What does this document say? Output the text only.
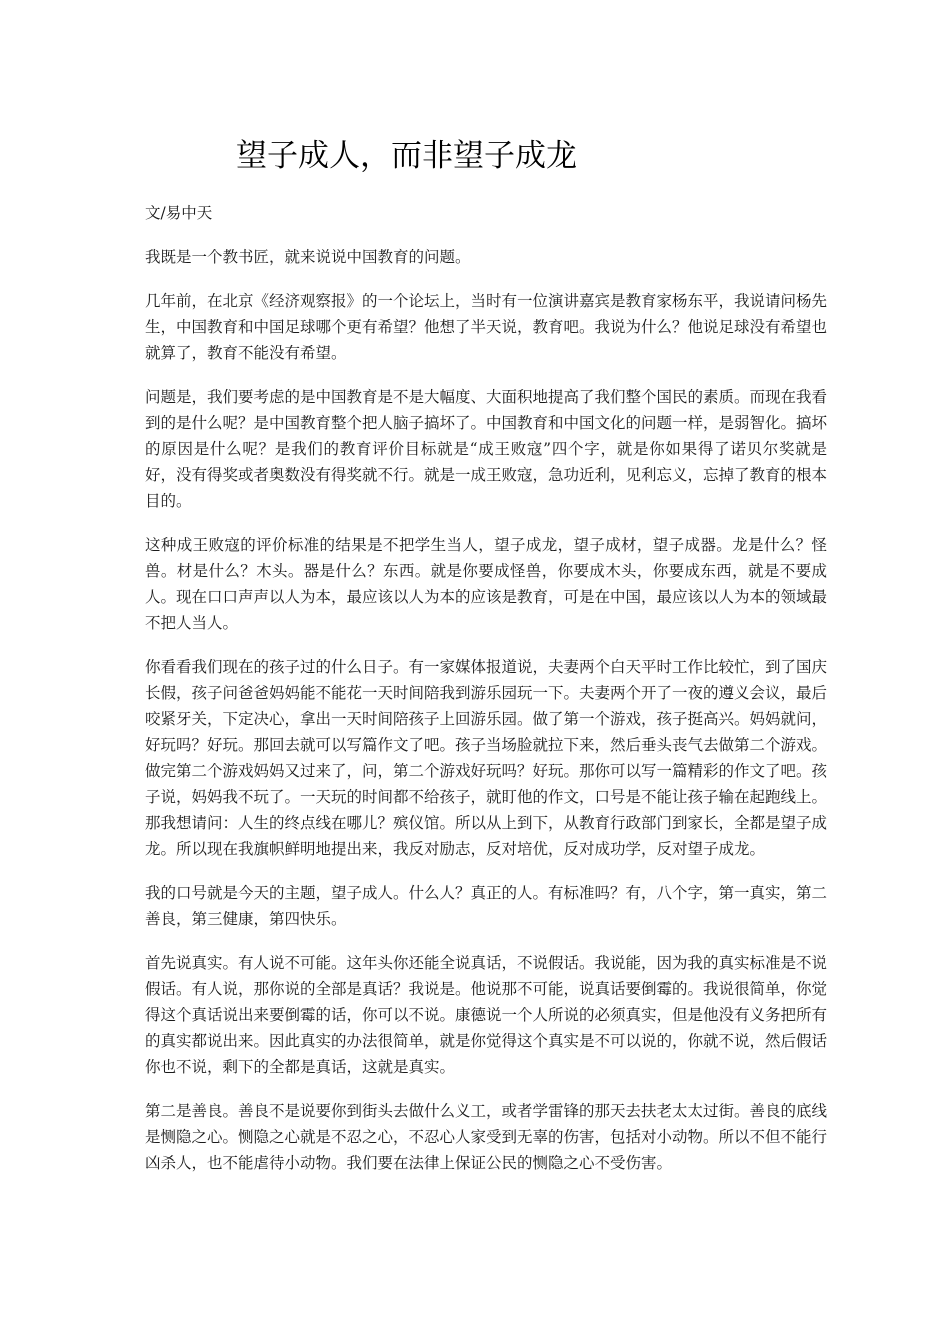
望子成人，而非望子成龙

文/易中天

我既是一个教书匠，就来说说中国教育的问题。

几年前，在北京《经济观察报》的一个论坛上，当时有一位演讲嘉宾是教育家杨东平，我说请问杨先生，中国教育和中国足球哪个更有希望？他想了半天说，教育吧。我说为什么？他说足球没有希望也就算了，教育不能没有希望。

问题是，我们要考虑的是中国教育是不是大幅度、大面积地提高了我们整个国民的素质。而现在我看到的是什么呢？是中国教育整个把人脑子搞坏了。中国教育和中国文化的问题一样，是弱智化。搞坏的原因是什么呢？是我们的教育评价目标就是“成王败寇”四个字，就是你如果得了诺贝尔奖就是好，没有得奖或者奥数没有得奖就不行。就是一成王败寇，急功近利，见利忘义，忘掉了教育的根本目的。

这种成王败寇的评价标准的结果是不把学生当人，望子成龙，望子成材，望子成器。龙是什么？怪兽。材是什么？木头。器是什么？东西。就是你要成怪兽，你要成木头，你要成东西，就是不要成人。现在口口声声以人为本，最应该以人为本的应该是教育，可是在中国，最应该以人为本的领域最不把人当人。

你看看我们现在的孩子过的什么日子。有一家媒体报道说，夫妻两个白天平时工作比较忙，到了国庆长假，孩子问爸爸妈妈能不能花一天时间陪我到游乐园玩一下。夫妻两个开了一夜的遵义会议，最后咬紧牙关，下定决心，拿出一天时间陪孩子上回游乐园。做了第一个游戏，孩子挺高兴。妈妈就问，好玩吗？好玩。那回去就可以写篇作文了吧。孩子当场脸就拉下来，然后垂头丧气去做第二个游戏。做完第二个游戏妈妈又过来了，问，第二个游戏好玩吗？好玩。那你可以写一篇精彩的作文了吧。孩子说，妈妈我不玩了。一天玩的时间都不给孩子，就盯他的作文，口号是不能让孩子输在起跑线上。那我想请问：人生的终点线在哪儿？殡仪馆。所以从上到下，从教育行政部门到家长，全都是望子成龙。所以现在我旗帜鲜明地提出来，我反对励志，反对培优，反对成功学，反对望子成龙。

我的口号就是今天的主题，望子成人。什么人？真正的人。有标准吗？有，八个字，第一真实，第二善良，第三健康，第四快乐。

首先说真实。有人说不可能。这年头你还能全说真话，不说假话。我说能，因为我的真实标准是不说假话。有人说，那你说的全部是真话？我说是。他说那不可能，说真话要倒霉的。我说很简单，你觉得这个真话说出来要倒霉的话，你可以不说。康德说一个人所说的必须真实，但是他没有义务把所有的真实都说出来。因此真实的办法很简单，就是你觉得这个真实是不可以说的，你就不说，然后假话你也不说，剩下的全都是真话，这就是真实。

第二是善良。善良不是说要你到街头去做什么义工，或者学雷锋的那天去扶老太太过街。善良的底线是恻隐之心。恻隐之心就是不忍之心，不忍心人家受到无辜的伤害，包括对小动物。所以不但不能行凶杀人，也不能虐待小动物。我们要在法律上保证公民的恻隐之心不受伤害。
